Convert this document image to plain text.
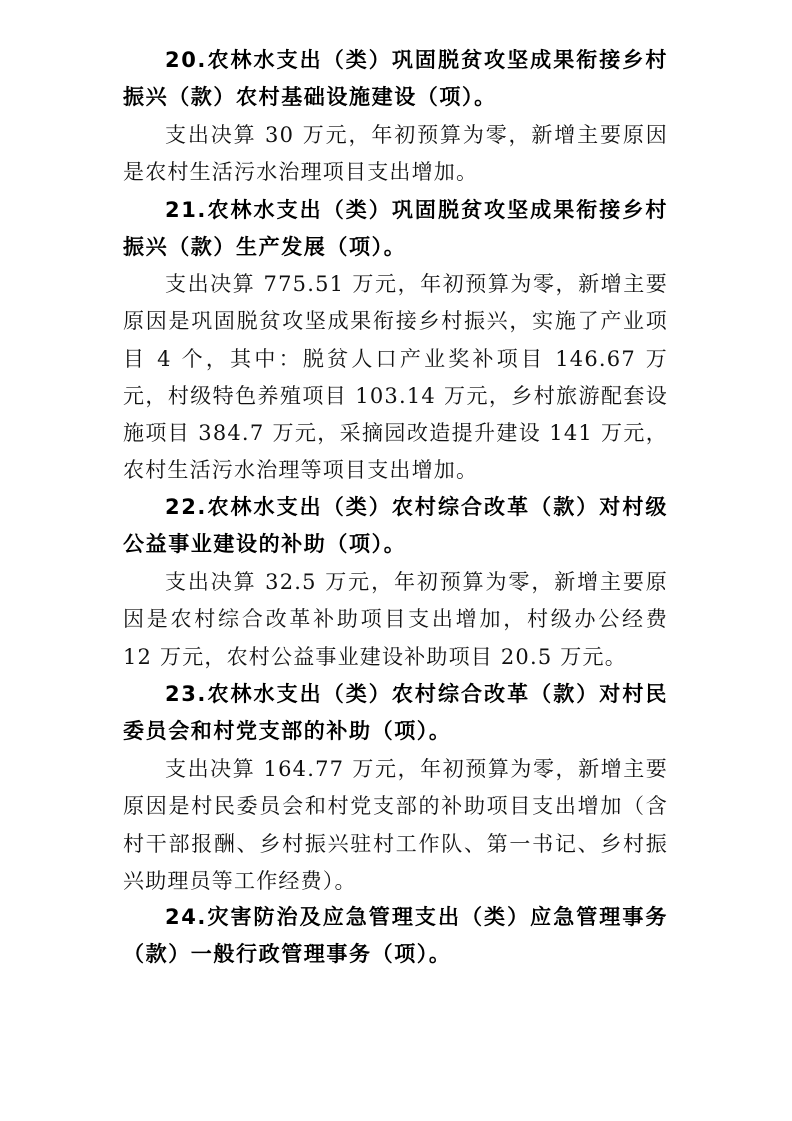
20.农林水支出（类）巩固脱贫攻坚成果衔接乡村振兴（款）农村基础设施建设（项）。

支出决算 30 万元，年初预算为零，新增主要原因是农村生活污水治理项目支出增加。

21.农林水支出（类）巩固脱贫攻坚成果衔接乡村振兴（款）生产发展（项）。

支出决算 775.51 万元，年初预算为零，新增主要原因是巩固脱贫攻坚成果衔接乡村振兴，实施了产业项目 4 个，其中：脱贫人口产业奖补项目 146.67 万元，村级特色养殖项目 103.14 万元，乡村旅游配套设施项目 384.7 万元，采摘园改造提升建设 141 万元，农村生活污水治理等项目支出增加。

22.农林水支出（类）农村综合改革（款）对村级公益事业建设的补助（项）。

支出决算 32.5 万元，年初预算为零，新增主要原因是农村综合改革补助项目支出增加，村级办公经费 12 万元，农村公益事业建设补助项目 20.5 万元。

23.农林水支出（类）农村综合改革（款）对村民委员会和村党支部的补助（项）。

支出决算 164.77 万元，年初预算为零，新增主要原因是村民委员会和村党支部的补助项目支出增加（含村干部报酬、乡村振兴驻村工作队、第一书记、乡村振兴助理员等工作经费）。

24.灾害防治及应急管理支出（类）应急管理事务（款）一般行政管理事务（项）。
